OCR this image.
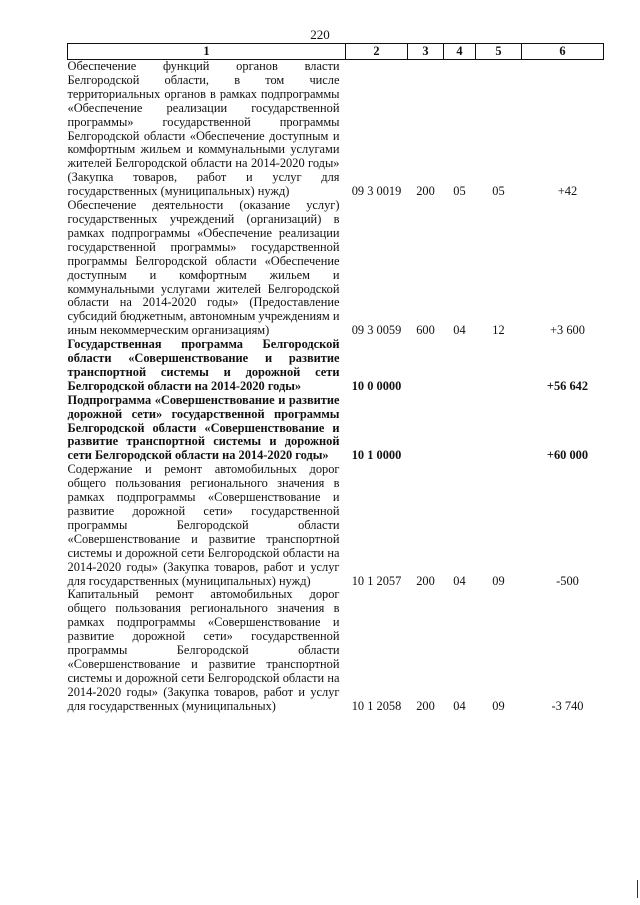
220
1	2	3	4	5	6
Обеспечение функций органов власти Белгородской области, в том числе территориальных органов в рамках подпрограммы «Обеспечение реализации государственной программы» государственной программы Белгородской области «Обеспечение доступным и комфортным жильем и коммунальными услугами жителей Белгородской области на 2014-2020 годы» (Закупка товаров, работ и услуг для государственных (муниципальных) нужд)	09 3 0019	200	05	05	+42
Обеспечение деятельности (оказание услуг) государственных учреждений (организаций) в рамках подпрограммы «Обеспечение реализации государственной программы» государственной программы Белгородской области «Обеспечение доступным и комфортным жильем и коммунальными услугами жителей Белгородской области на 2014-2020 годы» (Предоставление субсидий бюджетным, автономным учреждениям и иным некоммерческим организациям)	09 3 0059	600	04	12	+3 600
Государственная программа Белгородской области «Совершенствование и развитие транспортной системы и дорожной сети Белгородской области на 2014-2020 годы»	10 0 0000				+56 642
Подпрограмма «Совершенствование и развитие дорожной сети» государственной программы Белгородской области «Совершенствование и развитие транспортной системы и дорожной сети Белгородской области на 2014-2020 годы»	10 1 0000				+60 000
Содержание и ремонт автомобильных дорог общего пользования регионального значения в рамках подпрограммы «Совершенствование и развитие дорожной сети» государственной программы Белгородской области «Совершенствование и развитие транспортной системы и дорожной сети Белгородской области на 2014-2020 годы» (Закупка товаров, работ и услуг для государственных (муниципальных) нужд)	10 1 2057	200	04	09	-500
Капитальный ремонт автомобильных дорог общего пользования регионального значения в рамках подпрограммы «Совершенствование и развитие дорожной сети» государственной программы Белгородской области «Совершенствование и развитие транспортной системы и дорожной сети Белгородской области на 2014-2020 годы» (Закупка товаров, работ и услуг для государственных (муниципальных)	10 1 2058	200	04	09	-3 740
